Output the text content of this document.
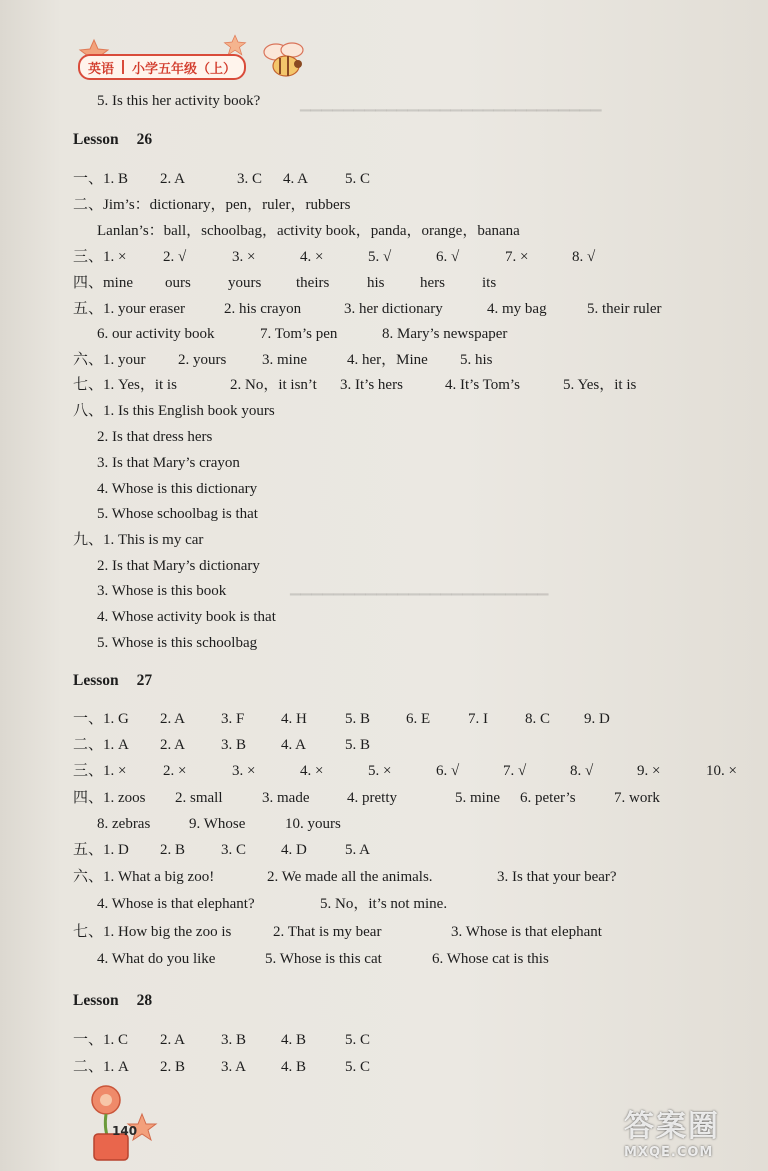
英语 小学五年级（上）
▁▁▁▁▁▁▁▁▁▁▁▁▁▁▁▁▁▁▁▁▁▁▁▁▁▁▁▁
▁▁▁▁▁▁▁▁▁▁▁▁▁▁▁▁▁▁▁▁▁▁▁▁
5. Is this her activity book?
Lesson 26
一、1. B 2. A	3. C 4. A 5. C
二、Jim’s：dictionary，pen，ruler，rubbers
Lanlan’s：ball，schoolbag，activity book，panda，orange，banana
三、1. × 2. √	3. ×	4. ×	5. √	6. √	7. ×	8. √
四、mine ours yours theirs	his hers its
五、1. your eraser	2. his crayon	3. her dictionary	4. my bag	5. their ruler
6. our activity book	7. Tom’s pen	8. Mary’s newspaper
六、1. your 2. yours 3. mine	4. her，Mine 5. his
七、1. Yes，it is	2. No，it isn’t 3. It’s hers	4. It’s Tom’s	5. Yes，it is
八、1. Is this English book yours
2. Is that dress hers
3. Is that Mary’s crayon
4. Whose is this dictionary
5. Whose schoolbag is that
九、1. This is my car
2. Is that Mary’s dictionary
3. Whose is this book
4. Whose activity book is that
5. Whose is this schoolbag
一、1. G 2. A 3. F 4. H	5. B 6. E	7. I 8. C 9. D
二、1. A 2. A 3. B 4. A	5. B
三、1. × 2. ×	3. ×	4. ×	5. ×	6. √	7. √	8. √	9. ×	10. ×
四、1. zoos 2. small	3. made	4. pretty	5. mine 6. peter’s	7. work
8. zebras	9. Whose	10. yours
五、1. D 2. B 3. C 4. D	5. A
六、1. What a big zoo!	2. We made all the animals.	3. Is that your bear?
4. Whose is that elephant?	5. No，it’s not mine.
七、1. How big the zoo is	2. That is my bear	3. Whose is that elephant
4. What do you like	5. Whose is this cat	6. Whose cat is this
一、1. C 2. A 3. B 4. B	5. C
二、1. A 2. B 3. A 4. B	5. C
Lesson 27
Lesson 28
140	答案圈
MXQE.COM
